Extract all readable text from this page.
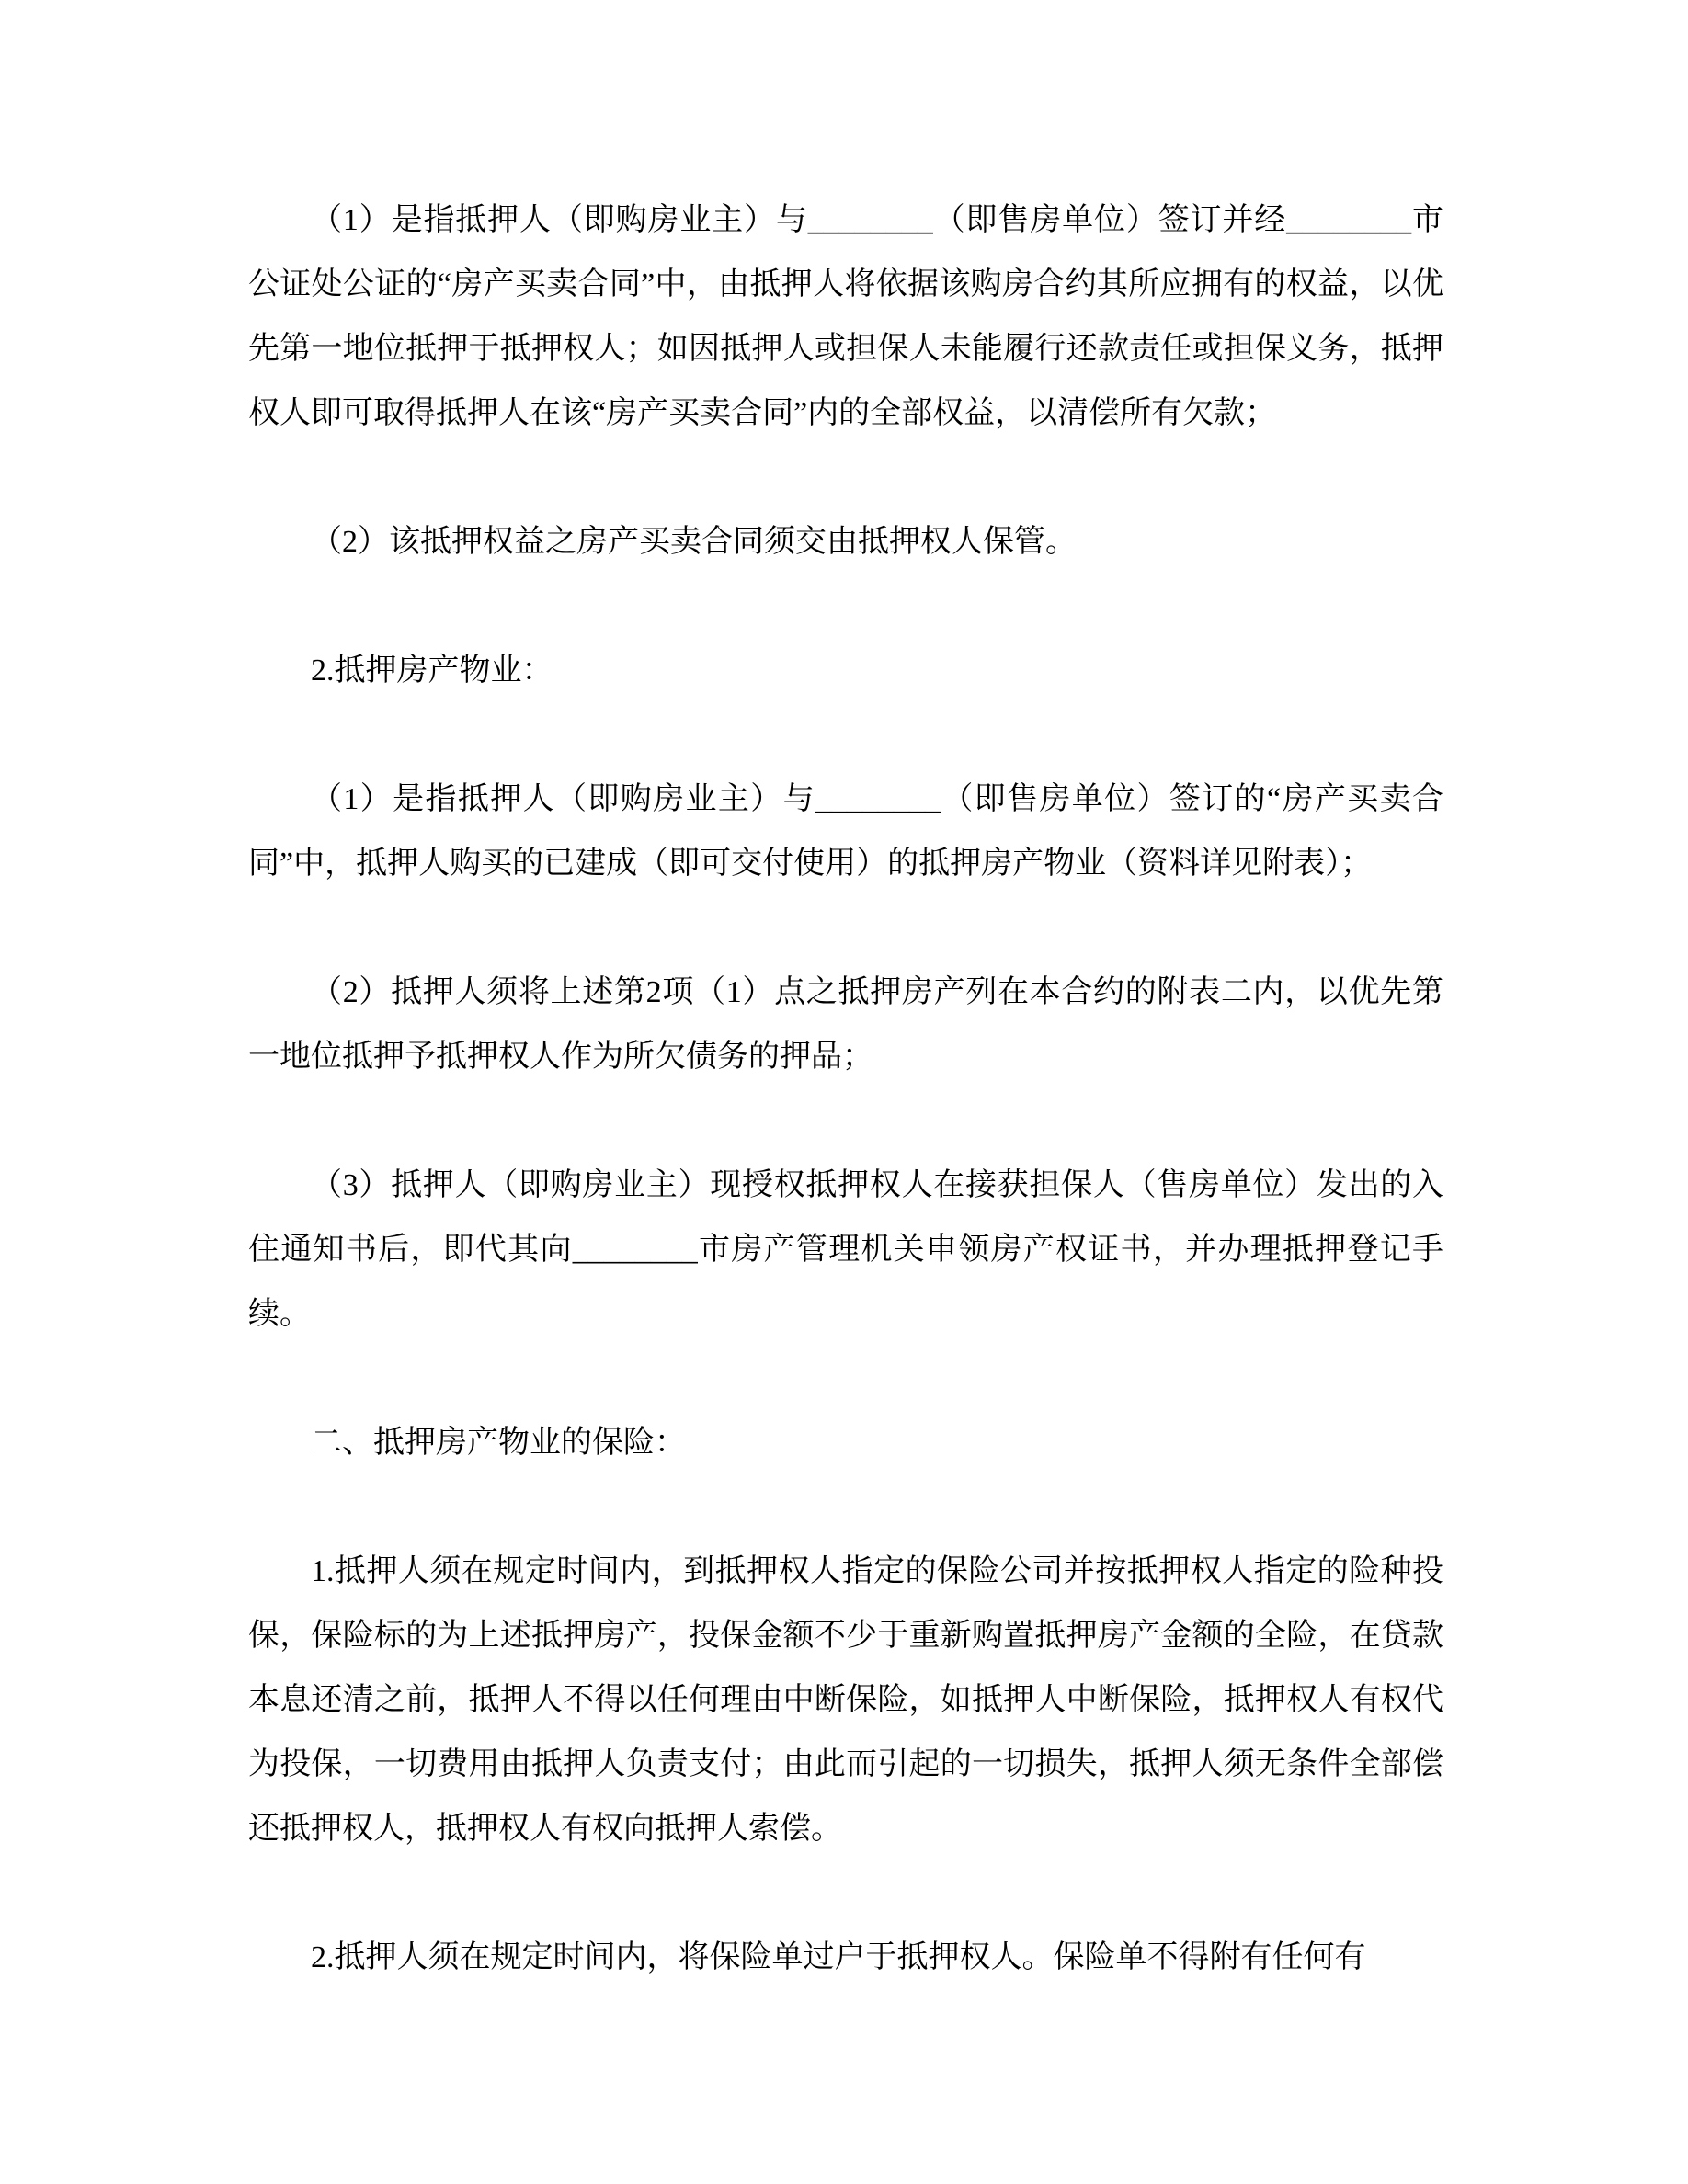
（1）是指抵押人（即购房业主）与________（即售房单位）签订并经________市公证处公证的“房产买卖合同”中，由抵押人将依据该购房合约其所应拥有的权益，以优先第一地位抵押于抵押权人；如因抵押人或担保人未能履行还款责任或担保义务，抵押权人即可取得抵押人在该“房产买卖合同”内的全部权益，以清偿所有欠款；

（2）该抵押权益之房产买卖合同须交由抵押权人保管。

2.抵押房产物业：

（1）是指抵押人（即购房业主）与________（即售房单位）签订的“房产买卖合同”中，抵押人购买的已建成（即可交付使用）的抵押房产物业（资料详见附表）；

（2）抵押人须将上述第2项（1）点之抵押房产列在本合约的附表二内，以优先第一地位抵押予抵押权人作为所欠债务的押品；

（3）抵押人（即购房业主）现授权抵押权人在接获担保人（售房单位）发出的入住通知书后，即代其向________市房产管理机关申领房产权证书，并办理抵押登记手续。

二、抵押房产物业的保险：

1.抵押人须在规定时间内，到抵押权人指定的保险公司并按抵押权人指定的险种投保，保险标的为上述抵押房产，投保金额不少于重新购置抵押房产金额的全险，在贷款本息还清之前，抵押人不得以任何理由中断保险，如抵押人中断保险，抵押权人有权代为投保，一切费用由抵押人负责支付；由此而引起的一切损失，抵押人须无条件全部偿还抵押权人，抵押权人有权向抵押人索偿。

2.抵押人须在规定时间内，将保险单过户于抵押权人。保险单不得附有任何有
